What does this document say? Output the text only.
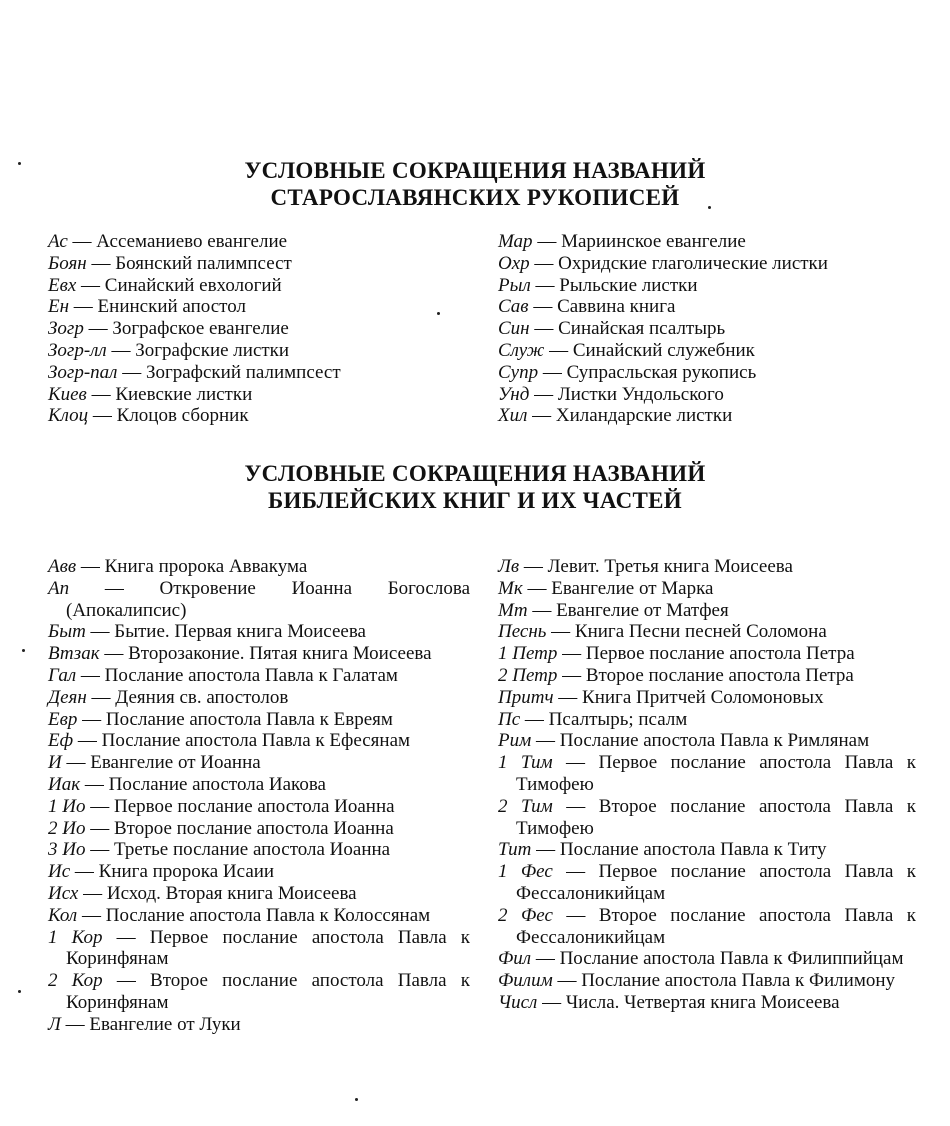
УСЛОВНЫЕ СОКРАЩЕНИЯ НАЗВАНИЙ
СТАРОСЛАВЯНСКИХ РУКОПИСЕЙ

Ас — Ассеманиево евангелие

Боян — Боянский палимпсест

Евх — Синайский евхологий

Ен — Енинский апостол

Зогр — Зографское евангелие

Зогр-лл — Зографские листки

Зогр-пал — Зографский палимпсест

Киев — Киевские листки

Клоц — Клоцов сборник

Мар — Мариинское евангелие

Охр — Охридские глаголические листки

Рыл — Рыльские листки

Сав — Саввина книга

Син — Синайская псалтырь

Служ — Синайский служебник

Супр — Супрасльская рукопись

Унд — Листки Ундольского

Хил — Хиландарские листки

УСЛОВНЫЕ СОКРАЩЕНИЯ НАЗВАНИЙ
БИБЛЕЙСКИХ КНИГ И ИХ ЧАСТЕЙ

Авв — Книга пророка Аввакума

Ап — Откровение Иоанна Богослова (Апокалипсис)

Быт — Бытие. Первая книга Моисеева

Втзак — Второзаконие. Пятая книга Моисеева

Гал — Послание апостола Павла к Галатам

Деян — Деяния св. апостолов

Евр — Послание апостола Павла к Евреям

Еф — Послание апостола Павла к Ефесянам

И — Евангелие от Иоанна

Иак — Послание апостола Иакова

1 Ио — Первое послание апостола Иоанна

2 Ио — Второе послание апостола Иоанна

3 Ио — Третье послание апостола Иоанна

Ис — Книга пророка Исаии

Исх — Исход. Вторая книга Моисеева

Кол — Послание апостола Павла к Колоссянам

1 Кор — Первое послание апостола Павла к Коринфянам

2 Кор — Второе послание апостола Павла к Коринфянам

Л — Евангелие от Луки

Лв — Левит. Третья книга Моисеева

Мк — Евангелие от Марка

Мт — Евангелие от Матфея

Песнь — Книга Песни песней Соломона

1 Петр — Первое послание апостола Петра

2 Петр — Второе послание апостола Петра

Притч — Книга Притчей Соломоновых

Пс — Псалтырь; псалм

Рим — Послание апостола Павла к Римлянам

1 Тим — Первое послание апостола Павла к Тимофею

2 Тим — Второе послание апостола Павла к Тимофею

Тит — Послание апостола Павла к Титу

1 Фес — Первое послание апостола Павла к Фессалоникийцам

2 Фес — Второе послание апостола Павла к Фессалоникийцам

Фил — Послание апостола Павла к Филиппийцам

Филим — Послание апостола Павла к Филимону

Числ — Числа. Четвертая книга Моисеева
